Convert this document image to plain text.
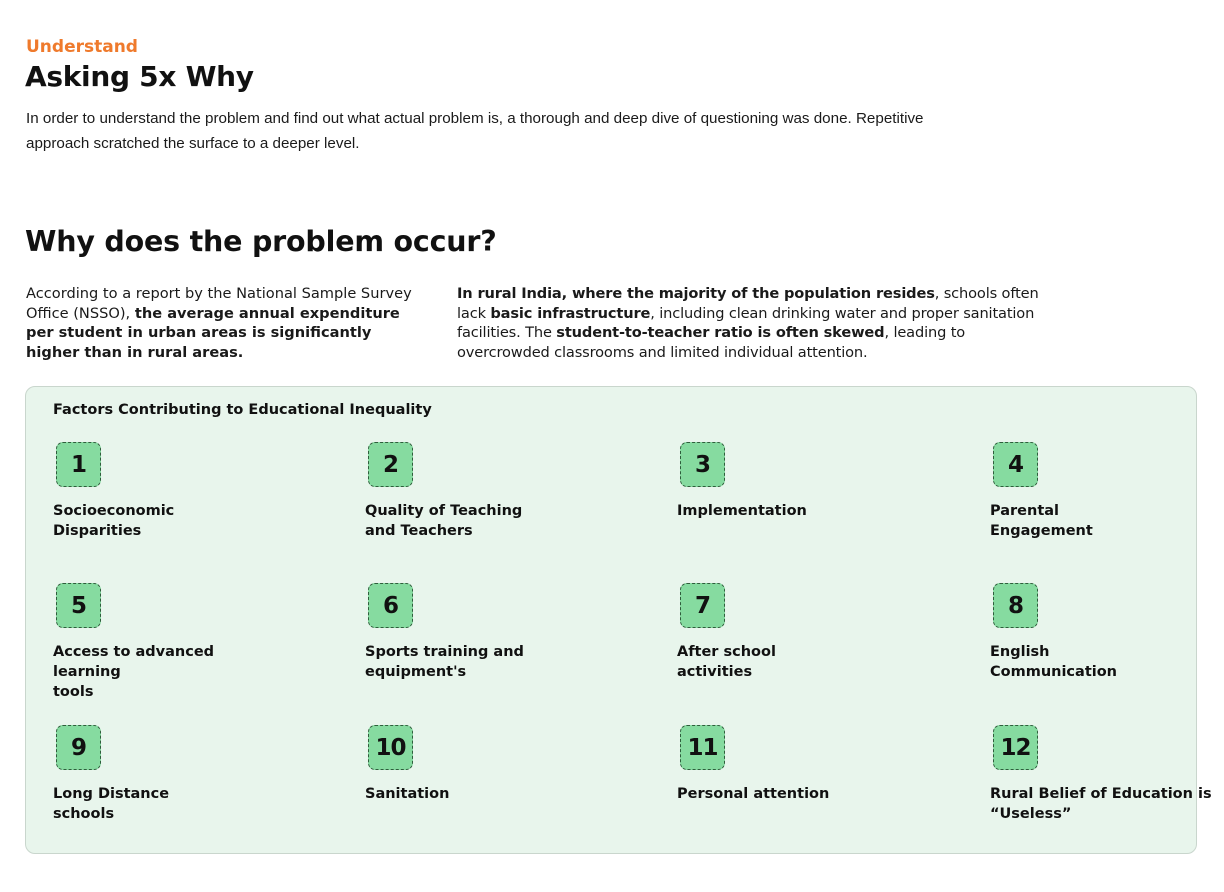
Understand
Asking 5x Why

In order to understand the problem and find out what actual problem is, a thorough and deep dive of questioning was done. Repetitive approach scratched the surface to a deeper level.

Why does the problem occur?

According to a report by the National Sample Survey Office (NSSO), the average annual expenditure per student in urban areas is significantly higher than in rural areas.

In rural India, where the majority of the population resides, schools often lack basic infrastructure, including clean drinking water and proper sanitation facilities. The student-to-teacher ratio is often skewed, leading to overcrowded classrooms and limited individual attention.

Factors Contributing to Educational Inequality
1
Socioeconomic
Disparities
2
Quality of Teaching
and Teachers
3
Implementation
4
Parental
Engagement
5
Access to advanced learning
tools
6
Sports training and
equipment's
7
After school
activities
8
English
Communication
9
Long Distance
schools
10
Sanitation
11
Personal attention
12
Rural Belief of Education is
“Useless”
